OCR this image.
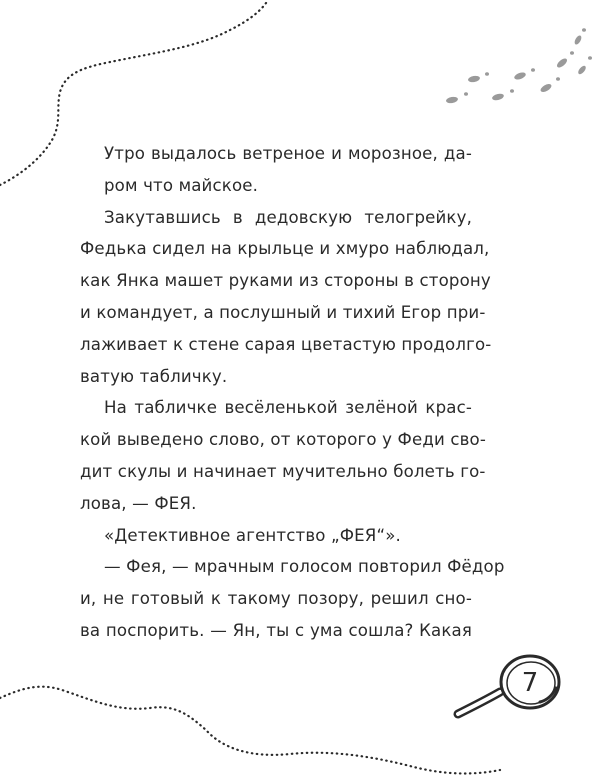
Утро выдалось ветреное и морозное, да-
ром что майское.
Закутавшись в дедовскую телогрейку,
Федька сидел на крыльце и хмуро наблюдал,
как Янка машет руками из стороны в сторону
и командует, а послушный и тихий Егор при-
лаживает к стене сарая цветастую продолго-
ватую табличку.
На табличке весёленькой зелёной крас-
кой выведено слово, от которого у Феди сво-
дит скулы и начинает мучительно болеть го-
лова, — ФЕЯ.
«Детективное агентство „ФЕЯ“».
— Фея, — мрачным голосом повторил Фёдор
и, не готовый к такому позору, решил сно-
ва поспорить. — Ян, ты с ума сошла? Какая
7
